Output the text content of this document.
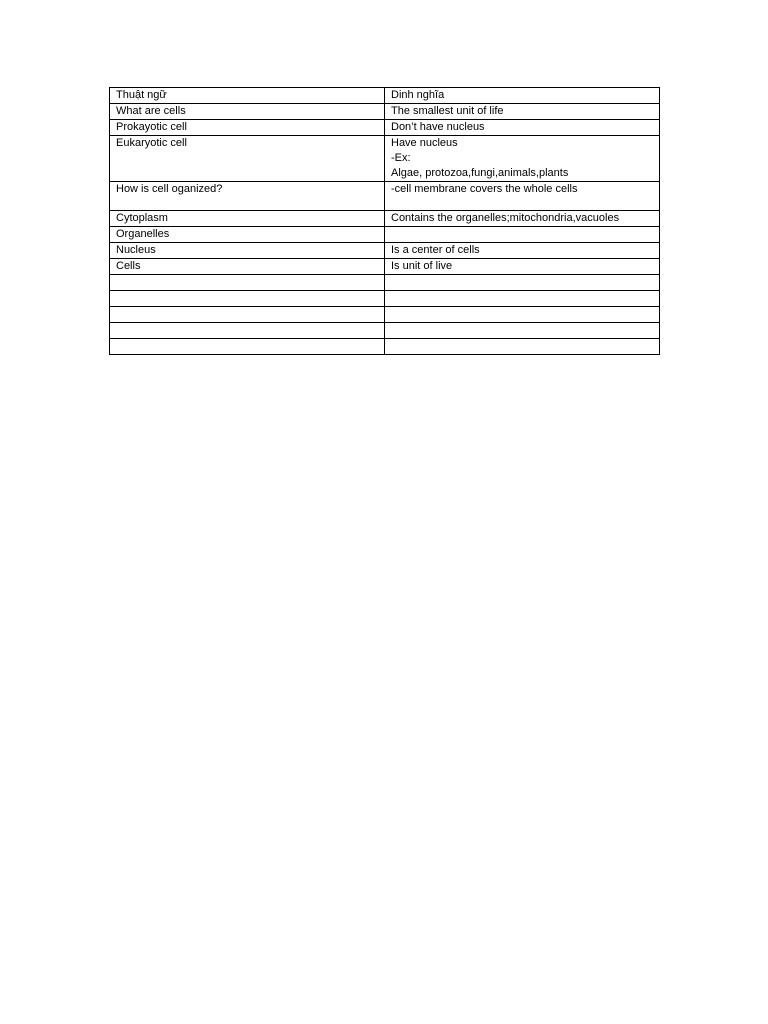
Thuật ngữ	Dinh nghĩa
What are cells	The smallest unit of life
Prokayotic cell	Don’t have nucleus
Eukaryotic cell	Have nucleus
-Ex:
Algae, protozoa,fungi,animals,plants

How is cell oganized?	-cell membrane covers the whole cells
Cytoplasm	Contains the organelles;mitochondria,vacuoles
Organelles	
Nucleus	Is a center of cells
Cells	Is unit of live
